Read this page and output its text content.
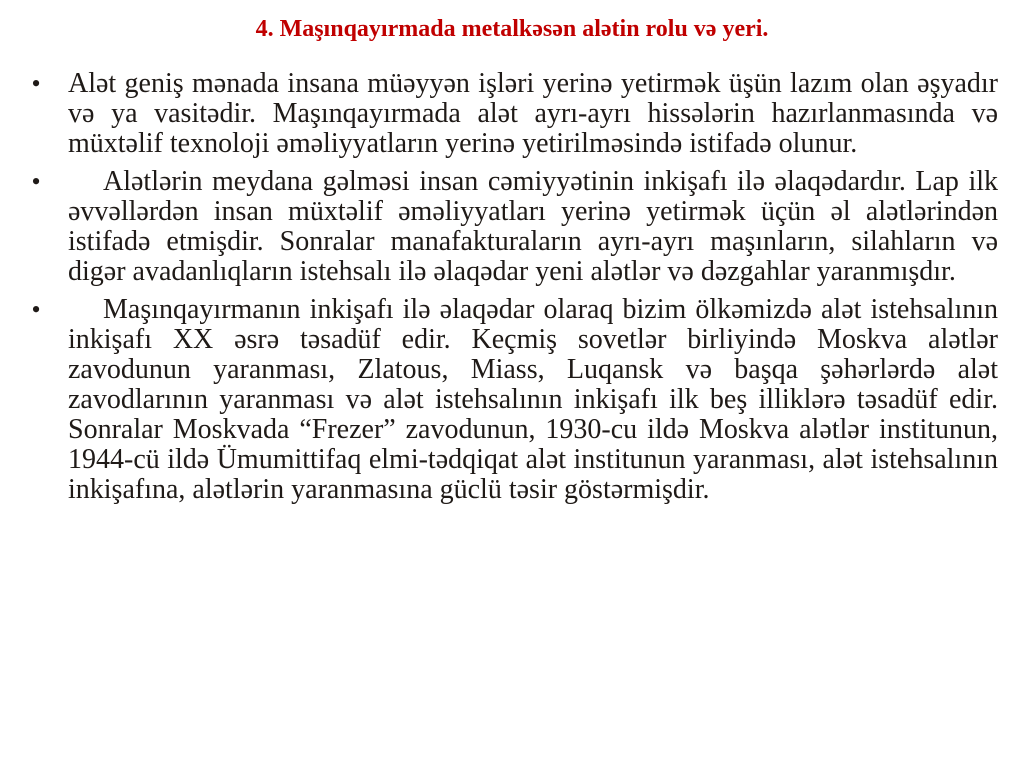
4. Maşınqayırmada metalkəsən alətin rolu və yeri.
• Alət geniş mənada insana müəyyən işləri yerinə yetirmək üşün lazım olan əşyadır və ya vasitədir. Maşınqayırmada alət ayrı-ayrı hissələrin hazırlanmasında və müxtəlif texnoloji əməliyyatların yerinə yetirilməsində istifadə olunur.
•	Alətlərin meydana gəlməsi insan cəmiyyətinin inkişafı ilə əlaqədardır. Lap ilk əvvəllərdən insan müxtəlif əməliyyatları yerinə yetirmək üçün əl alətlərindən istifadə etmişdir. Sonralar manafakturaların ayrı-ayrı maşınların, silahların və digər avadanlıqların istehsalı ilə əlaqədar yeni alətlər və dəzgahlar yaranmışdır.
•	Maşınqayırmanın inkişafı ilə əlaqədar olaraq bizim ölkəmizdə alət istehsalının inkişafı XX əsrə təsadüf edir. Keçmiş sovetlər birliyində Moskva alətlər zavodunun yaranması, Zlatous, Miass, Luqansk və başqa şəhərlərdə alət zavodlarının yaranması və alət istehsalının inkişafı ilk beş illiklərə təsadüf edir. Sonralar Moskvada “Frezer” zavodunun, 1930-cu ildə Moskva alətlər institunun, 1944-cü ildə Ümumittifaq elmi-tədqiqat alət institunun yaranması, alət istehsalının inkişafına, alətlərin yaranmasına güclü təsir göstərmişdir.
